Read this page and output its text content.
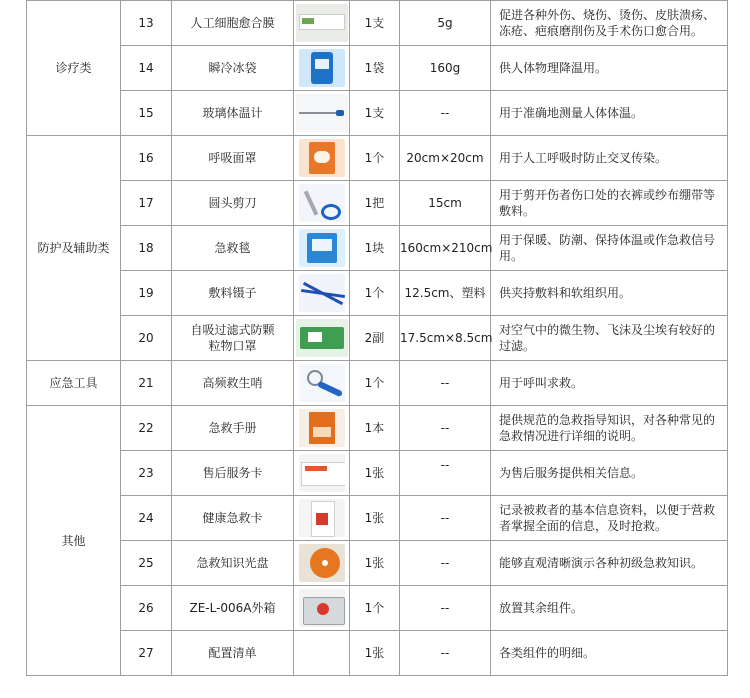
诊疗类	13	人工细胞愈合膜		1支	5g	促进各种外伤、烧伤、烫伤、皮肤溃疡、冻疮、疤痕磨削伤及手术伤口愈合用。
	14	瞬冷冰袋		1袋	160g	供人体物理降温用。
	15	玻璃体温计		1支	--	用于准确地测量人体体温。
防护及辅助类	16	呼吸面罩		1个	20cm×20cm	用于人工呼吸时防止交叉传染。
	17	圆头剪刀		1把	15cm	用于剪开伤者伤口处的衣裤或纱布绷带等敷料。
	18	急救毯		1块	160cm×210cm	用于保暖、防潮、保持体温或作急救信号用。
	19	敷料镊子		1个	12.5cm、塑料	供夹持敷料和软组织用。
	20	自吸过滤式防颗粒物口罩		2副	17.5cm×8.5cm	对空气中的微生物、飞沫及尘埃有较好的过滤。
应急工具	21	高频救生哨		1个	--	用于呼叫求救。
其他	22	急救手册		1本	--	提供规范的急救指导知识，对各种常见的急救情况进行详细的说明。
	23	售后服务卡		1张	--	为售后服务提供相关信息。
	24	健康急救卡		1张	--	记录被救者的基本信息资料，以便于营救者掌握全面的信息，及时抢救。
	25	急救知识光盘		1张	--	能够直观清晰演示各种初级急救知识。
	26	ZE-L-006A外箱		1个	--	放置其余组件。
	27	配置清单		1张	--	各类组件的明细。
